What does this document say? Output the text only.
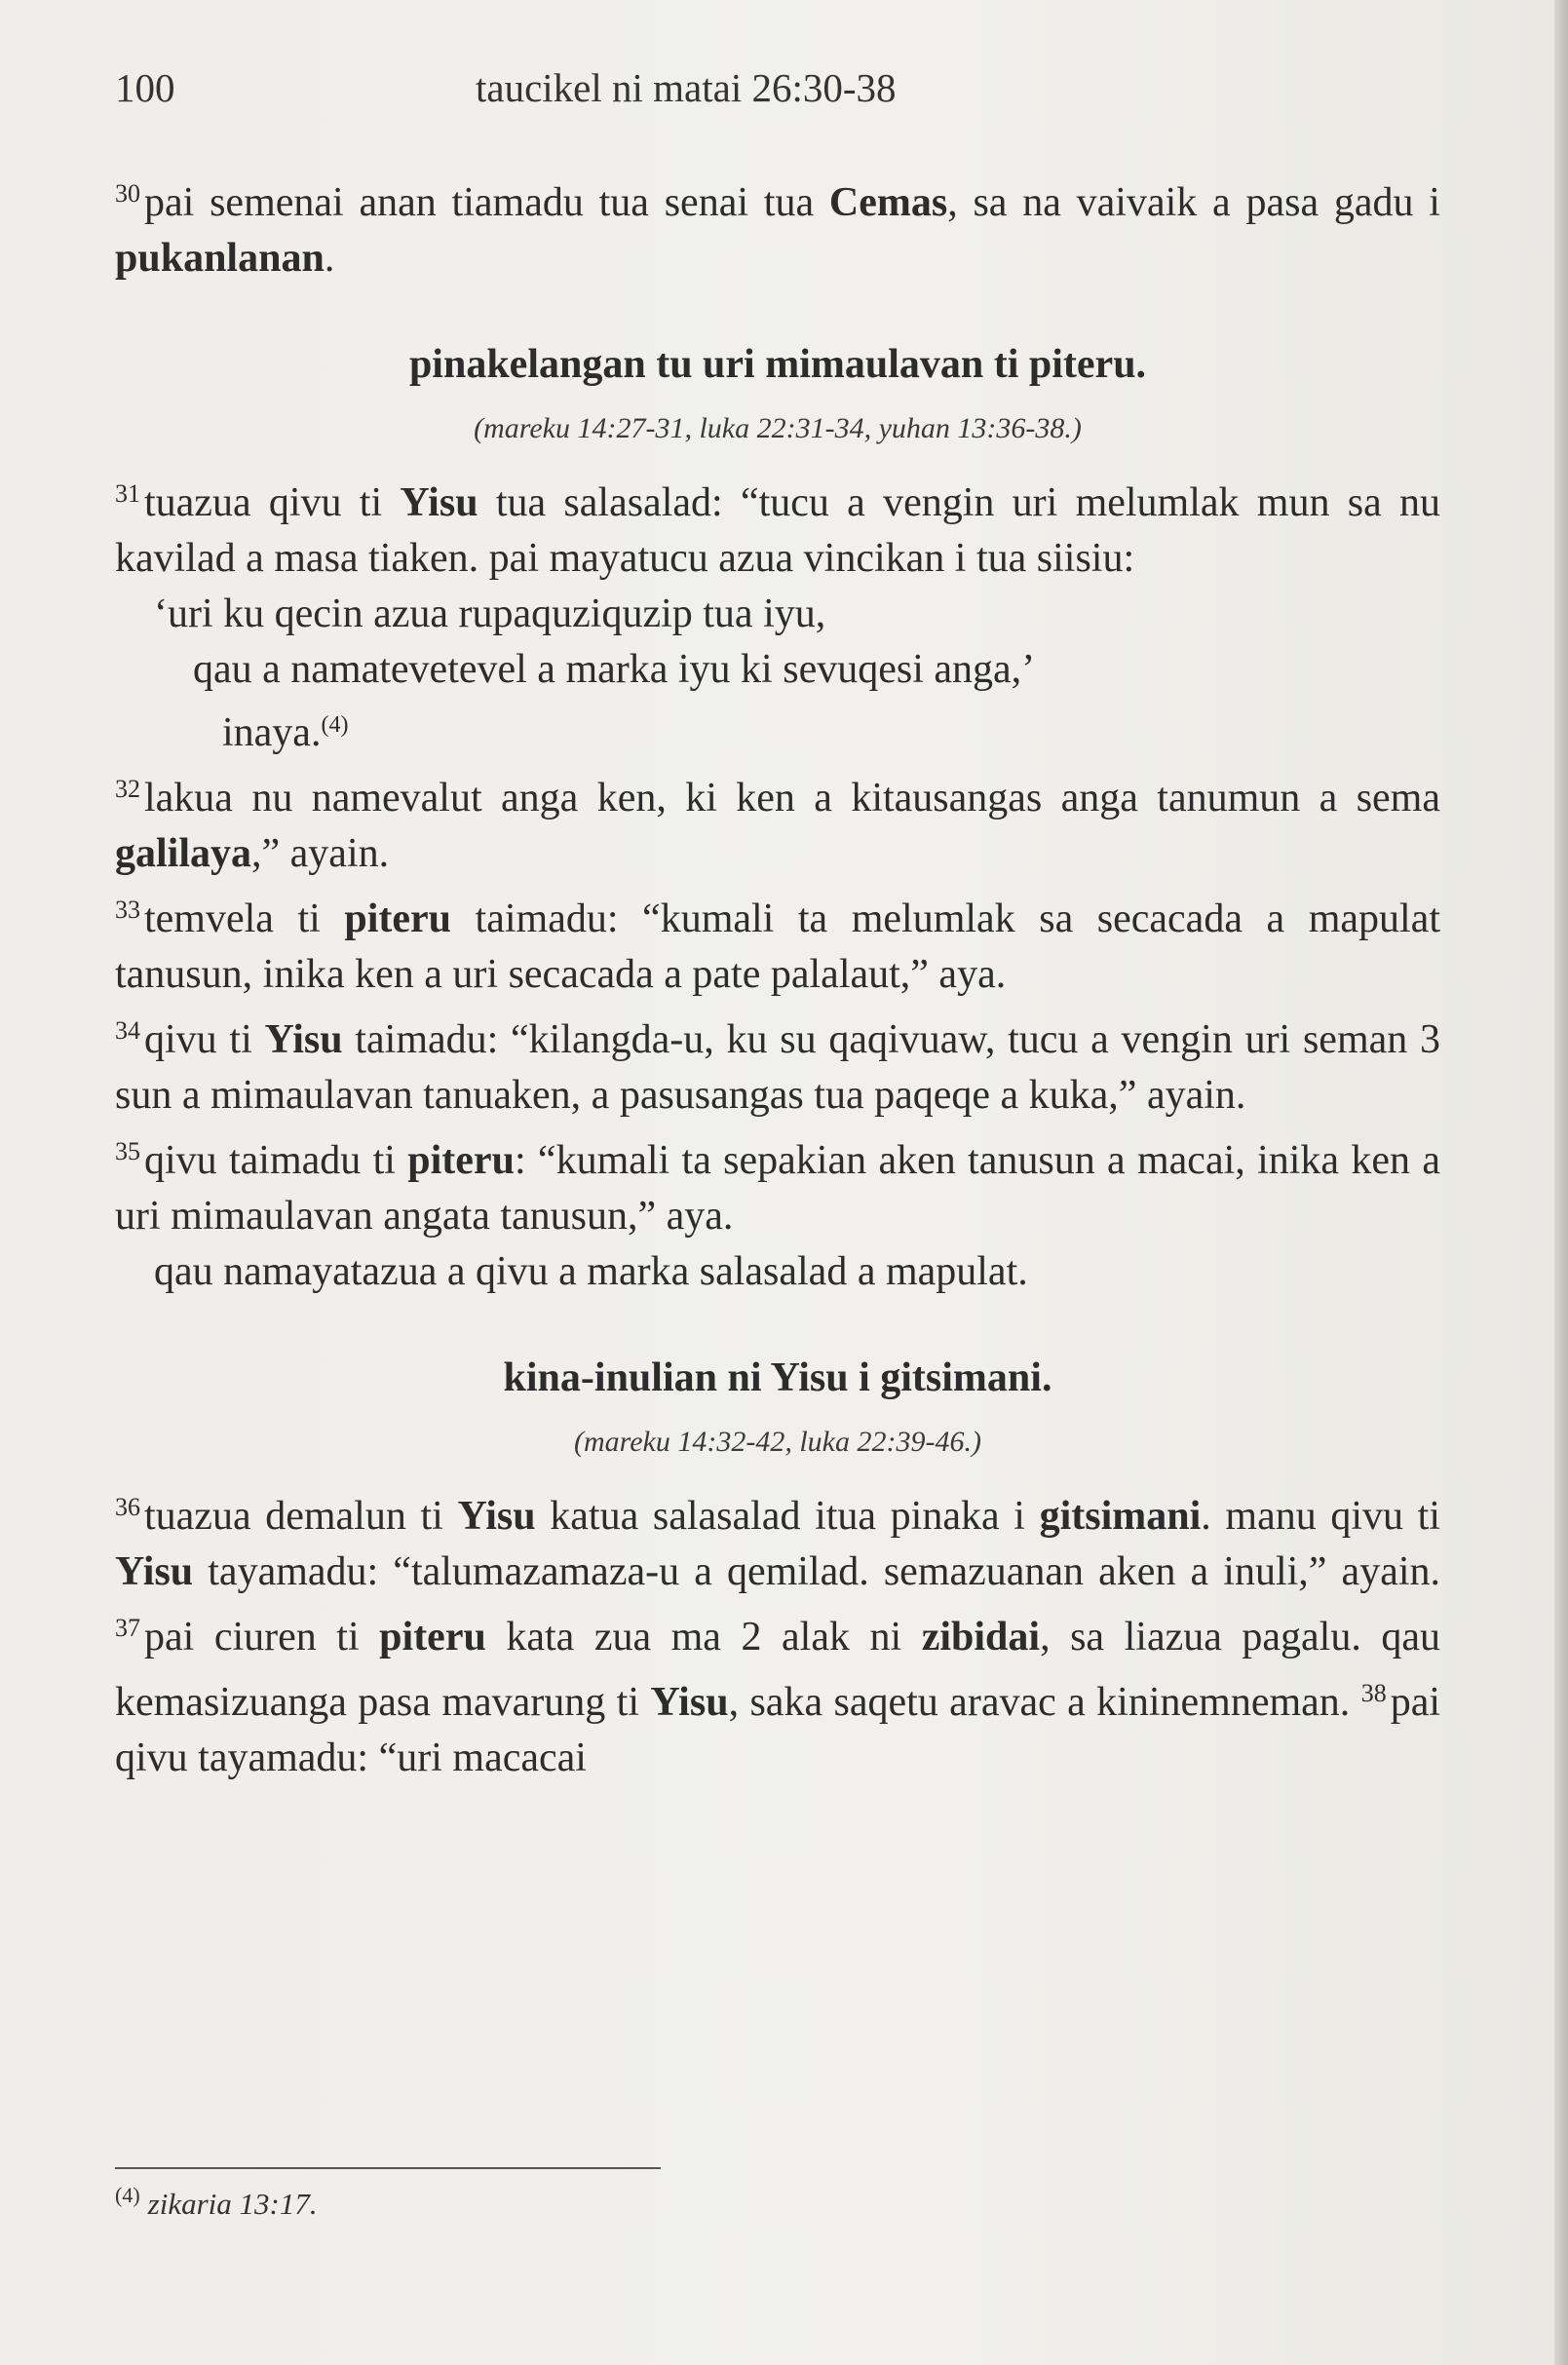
100	taucikel ni matai 26:30-38

$^{30}$pai semenai anan tiamadu tua senai tua Cemas, sa na vaivaik a pasa gadu i pukanlanan.

pinakelangan tu uri mimaulavan ti piteru.
(mareku 14:27-31, luka 22:31-34, yuhan 13:36-38.)

$^{31}$tuazua qivu ti Yisu tua salasalad: “tucu a vengin uri melumlak mun sa nu kavilad a masa tiaken. pai mayatucu azua vincikan i tua siisiu:

‘uri ku qecin azua rupaquziquzip tua iyu,

qau a namatevetevel a marka iyu ki sevuqesi anga,’

inaya.$^{(4)}$

$^{32}$lakua nu namevalut anga ken, ki ken a kitausangas anga tanumun a sema galilaya,” ayain.

$^{33}$temvela ti piteru taimadu: “kumali ta melumlak sa secacada a mapulat tanusun, inika ken a uri secacada a pate palalaut,” aya.

$^{34}$qivu ti Yisu taimadu: “kilangda-u, ku su qaqivuaw, tucu a vengin uri seman 3 sun a mimaulavan tanuaken, a pasusangas tua paqeqe a kuka,” ayain.

$^{35}$qivu taimadu ti piteru: “kumali ta sepakian aken tanusun a macai, inika ken a uri mimaulavan angata tanusun,” aya.

qau namayatazua a qivu a marka salasalad a mapulat.

kina-inulian ni Yisu i gitsimani.
(mareku 14:32-42, luka 22:39-46.)

$^{36}$tuazua demalun ti Yisu katua salasalad itua pinaka i gitsimani. manu qivu ti Yisu tayamadu: “talumazamaza-u a qemilad. semazuanan aken a inuli,” ayain. $^{37}$pai ciuren ti piteru kata zua ma 2 alak ni zibidai, sa liazua pagalu. qau kemasizuanga pasa mavarung ti Yisu, saka saqetu aravac a kininemneman. $^{38}$pai qivu tayamadu: “uri macacai

$^{(4)}$ zikaria 13:17.
